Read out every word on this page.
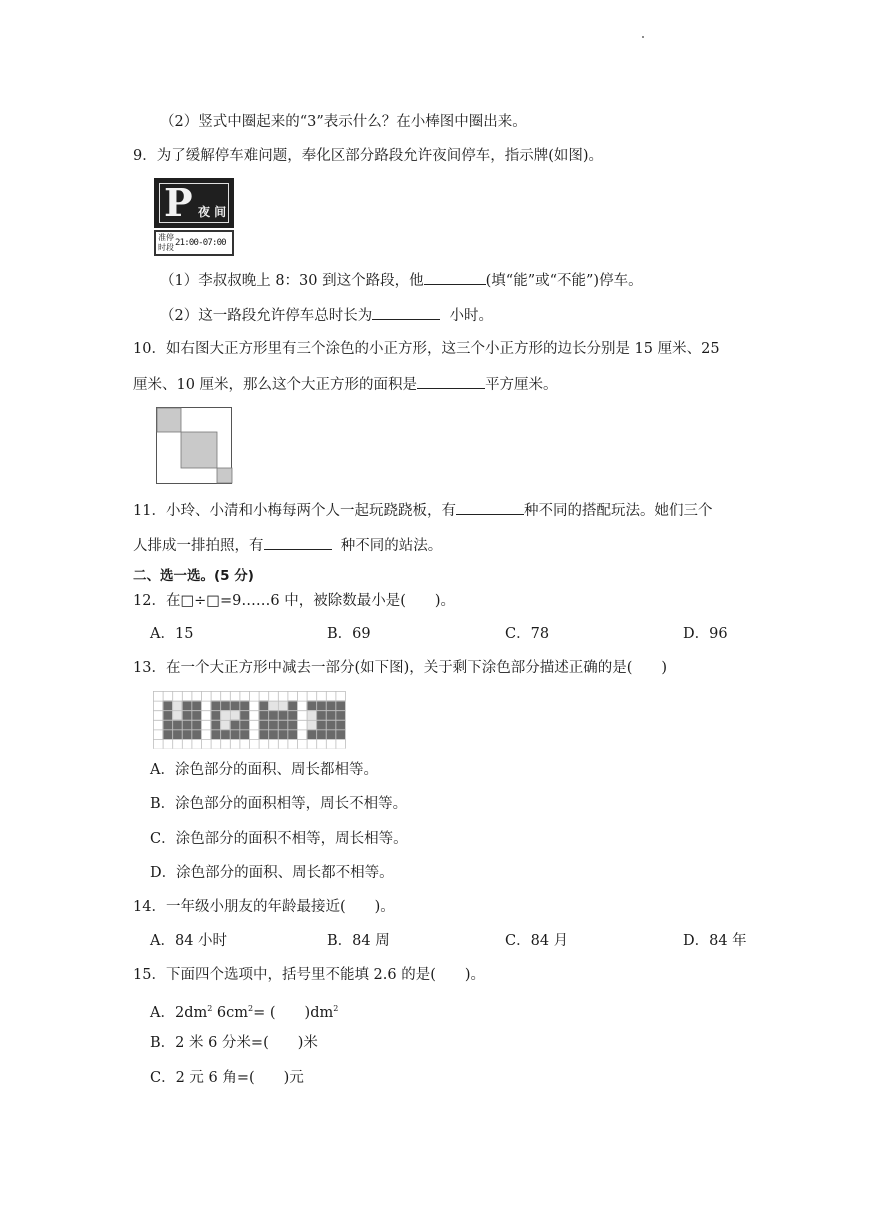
（2）竖式中圈起来的“3”表示什么？在小棒图中圈出来。
9．为了缓解停车难问题，奉化区部分路段允许夜间停车，指示牌(如图)。
P 夜 间
准停
时段 21:00-07:00
（1）李叔叔晚上 8：30 到这个路段，他	(填“能”或“不能”)停车。
（2）这一路段允许停车总时长为	小时。
10．如右图大正方形里有三个涂色的小正方形，这三个小正方形的边长分别是 15 厘米、25
厘米、10 厘米，那么这个大正方形的面积是	平方厘米。
11．小玲、小清和小梅每两个人一起玩跷跷板，有	种不同的搭配玩法。她们三个
人排成一排拍照，有	种不同的站法。
二、选一选。(5 分)
12．在□÷□=9……6 中，被除数最小是(　　)。
A．15	B．69	C．78	D．96
13．在一个大正方形中减去一部分(如下图)，关于剩下涂色部分描述正确的是(　　)
A．涂色部分的面积、周长都相等。
B．涂色部分的面积相等，周长不相等。
C．涂色部分的面积不相等，周长相等。
D．涂色部分的面积、周长都不相等。
14．一年级小朋友的年龄最接近(　　)。
A．84 小时	B．84 周	C．84 月	D．84 年
15．下面四个选项中，括号里不能填 2.6 的是(　　)。
A．$2dm^2$ $6cm^2=$ (　　)$dm^2$
B．2 米 6 分米=(　　)米
C．2 元 6 角=(　　)元
